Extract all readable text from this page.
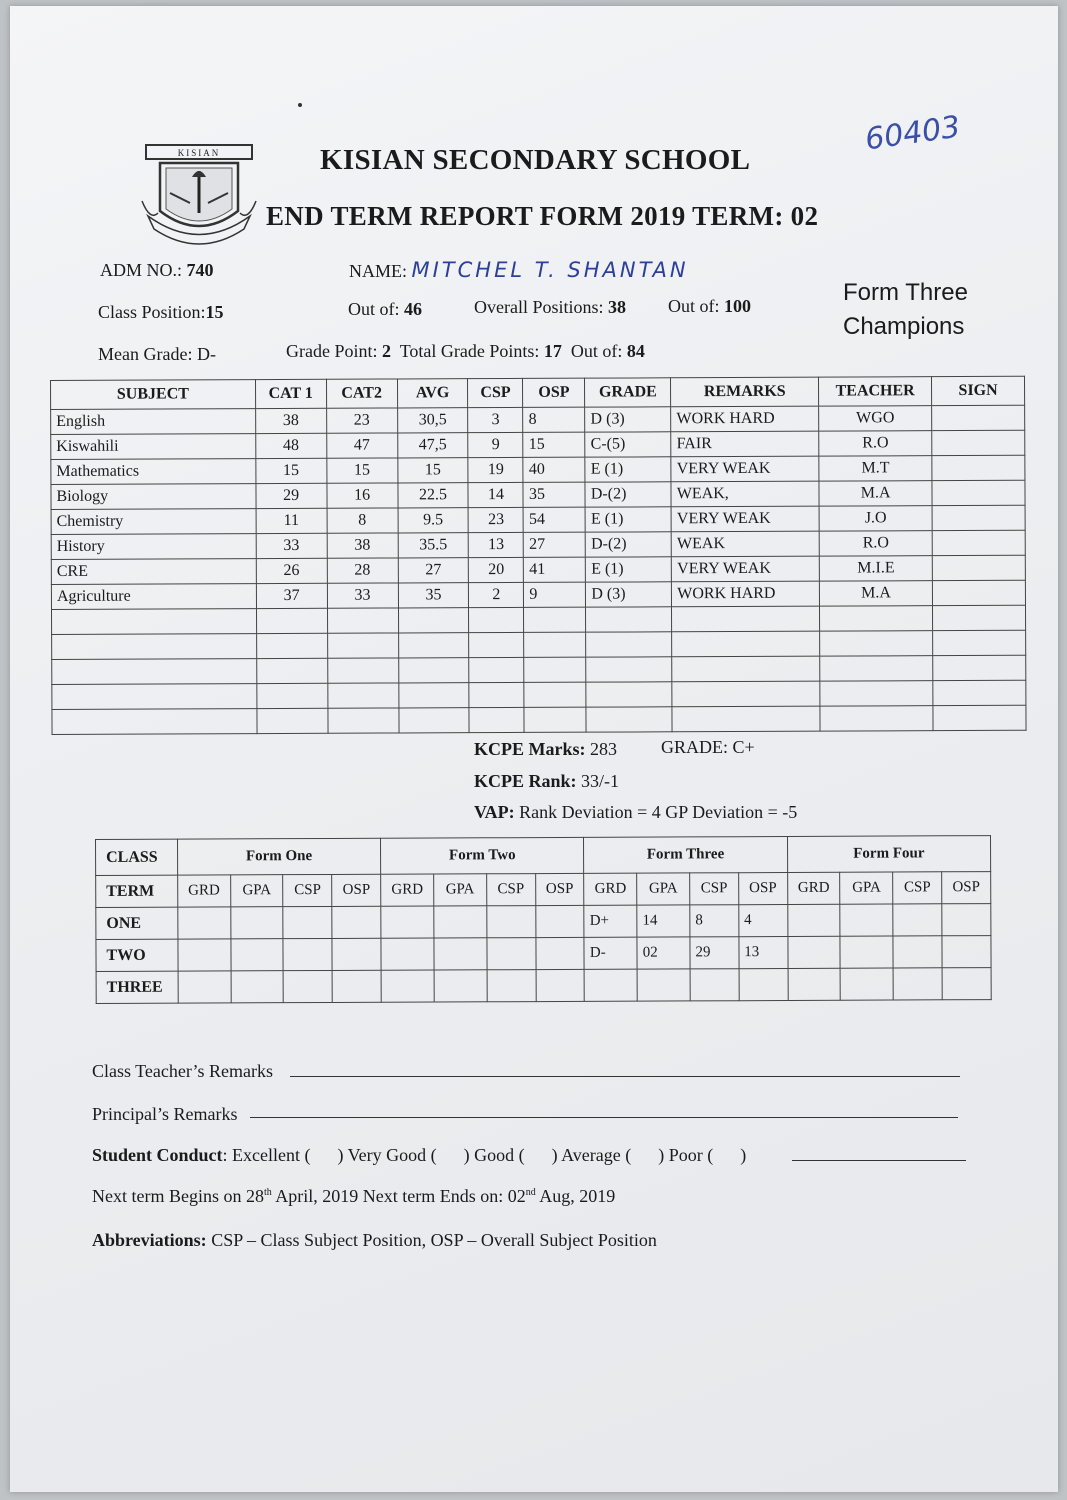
KISIAN	KISIAN SECONDARY SCHOOL
END TERM REPORT FORM 2019 TERM: 02
60403
ADM NO.: 740	NAME: MITCHEL T. SHANTAN
Class Position:15	Out of: 46	Overall Positions: 38 Out of: 100
Mean Grade: D-	Grade Point: 2 Total Grade Points: 17 Out of: 84
Form Three Champions
SUBJECT	CAT 1	CAT2	AVG	CSP	OSP	GRADE	REMARKS	TEACHER	SIGN
English	38	23	30,5	3	8	D (3)	WORK HARD	WGO	
Kiswahili	48	47	47,5	9	15	C-(5)	FAIR	R.O	
Mathematics	15	15	15	19	40	E (1)	VERY WEAK	M.T	
Biology	29	16	22.5	14	35	D-(2)	WEAK,	M.A	
Chemistry	11	8	9.5	23	54	E (1)	VERY WEAK	J.O	
History	33	38	35.5	13	27	D-(2)	WEAK	R.O	
CRE	26	28	27	20	41	E (1)	VERY WEAK	M.I.E	
Agriculture	37	33	35	2	9	D (3)	WORK HARD	M.A	

KCPE Marks: 283 GRADE: C+
KCPE Rank: 33/-1
VAP: Rank Deviation = 4 GP Deviation = -5
CLASS	Form One				Form Two				Form Three				Form Four			
TERM	GRD	GPA	CSP	OSP	GRD	GPA	CSP	OSP	GRD	GPA	CSP	OSP	GRD	GPA	CSP	OSP
ONE									D+	14	8	4				
TWO									D-	02	29	13				
THREE																
Class Teacher’s Remarks
Principal’s Remarks
Student Conduct: Excellent (      ) Very Good (      ) Good (      ) Average (      ) Poor (      )
Next term Begins on 28th April, 2019 Next term Ends on: 02nd Aug, 2019
Abbreviations: CSP – Class Subject Position, OSP – Overall Subject Position
